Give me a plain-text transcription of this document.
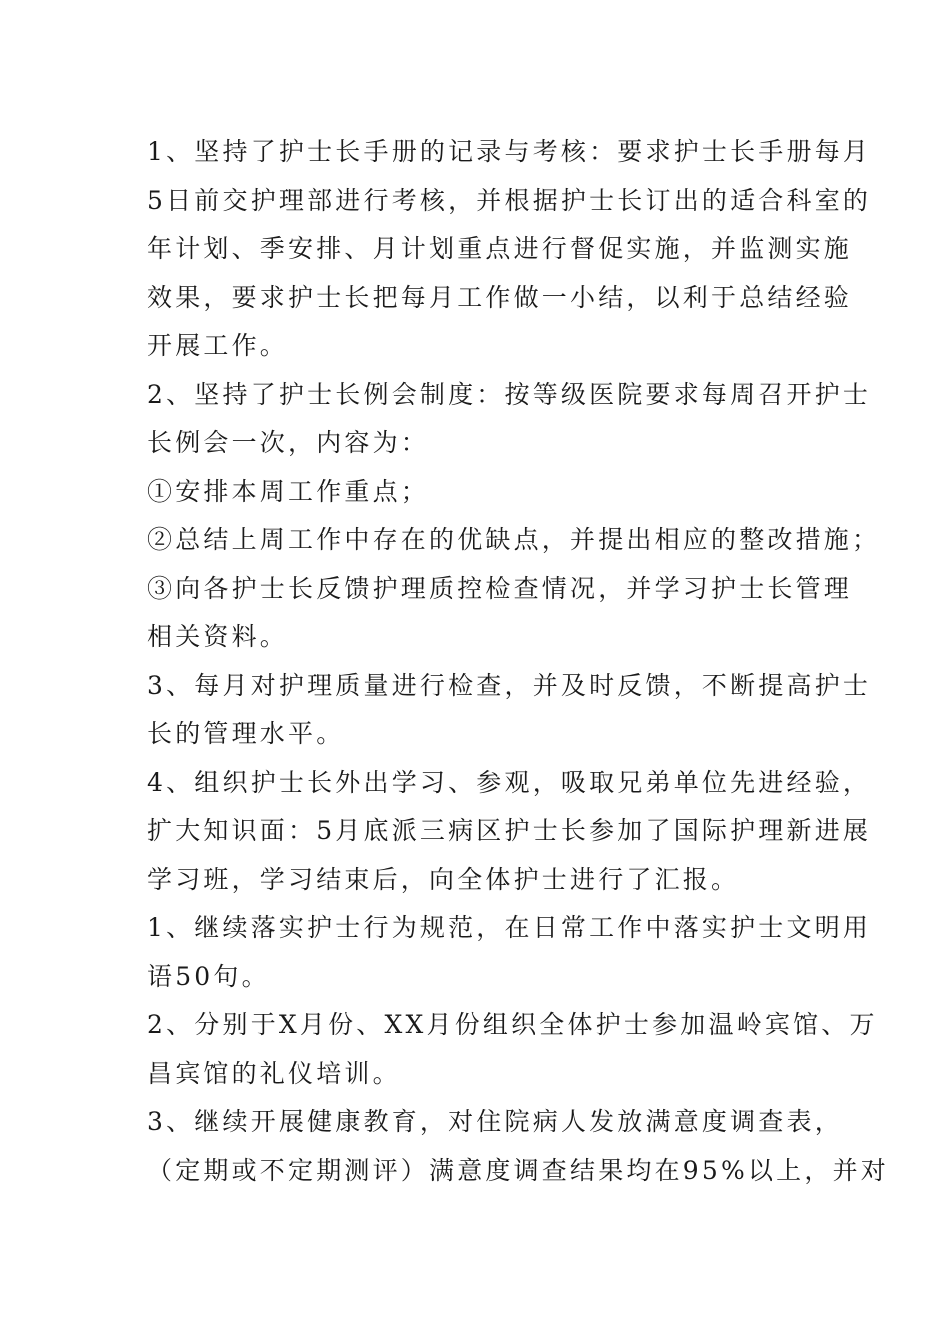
1、坚持了护士长手册的记录与考核：要求护士长手册每月
5日前交护理部进行考核，并根据护士长订出的适合科室的
年计划、季安排、月计划重点进行督促实施，并监测实施
效果，要求护士长把每月工作做一小结，以利于总结经验
开展工作。
2、坚持了护士长例会制度：按等级医院要求每周召开护士
长例会一次，内容为：
①安排本周工作重点；
②总结上周工作中存在的优缺点，并提出相应的整改措施；
③向各护士长反馈护理质控检查情况，并学习护士长管理
相关资料。
3、每月对护理质量进行检查，并及时反馈，不断提高护士
长的管理水平。
4、组织护士长外出学习、参观，吸取兄弟单位先进经验，
扩大知识面：5月底派三病区护士长参加了国际护理新进展
学习班，学习结束后，向全体护士进行了汇报。
1、继续落实护士行为规范，在日常工作中落实护士文明用
语50句。
2、分别于X月份、XX月份组织全体护士参加温岭宾馆、万
昌宾馆的礼仪培训。
3、继续开展健康教育，对住院病人发放满意度调查表，
（定期或不定期测评）满意度调查结果均在95%以上，并对
